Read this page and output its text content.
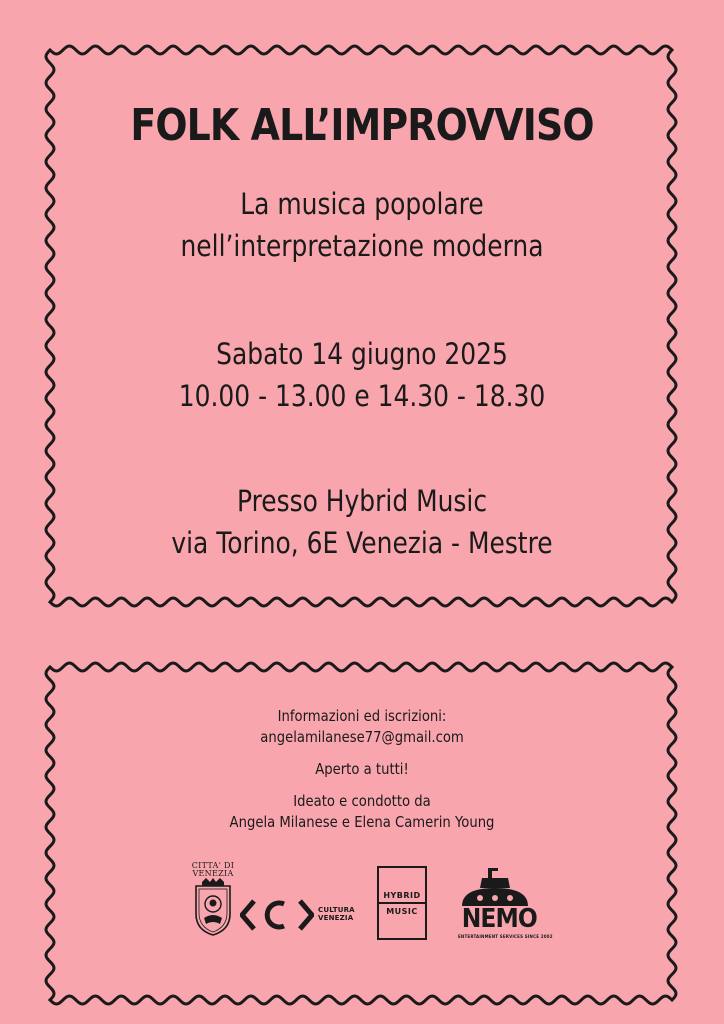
FOLK ALL’IMPROVVISO
La musica popolare
nell’interpretazione moderna
Sabato 14 giugno 2025
10.00 - 13.00 e 14.30 - 18.30
Presso Hybrid Music
via Torino, 6E Venezia - Mestre

Informazioni ed iscrizioni:

angelamilanese77@gmail.com

Aperto a tutti!

Ideato e condotto da

Angela Milanese e Elena Camerin Young

CITTA' DI
VENEZIA
CULTURA
VENEZIA
HYBRID
MUSIC NEMO
ENTERTAINMENT SERVICES SINCE 2002
